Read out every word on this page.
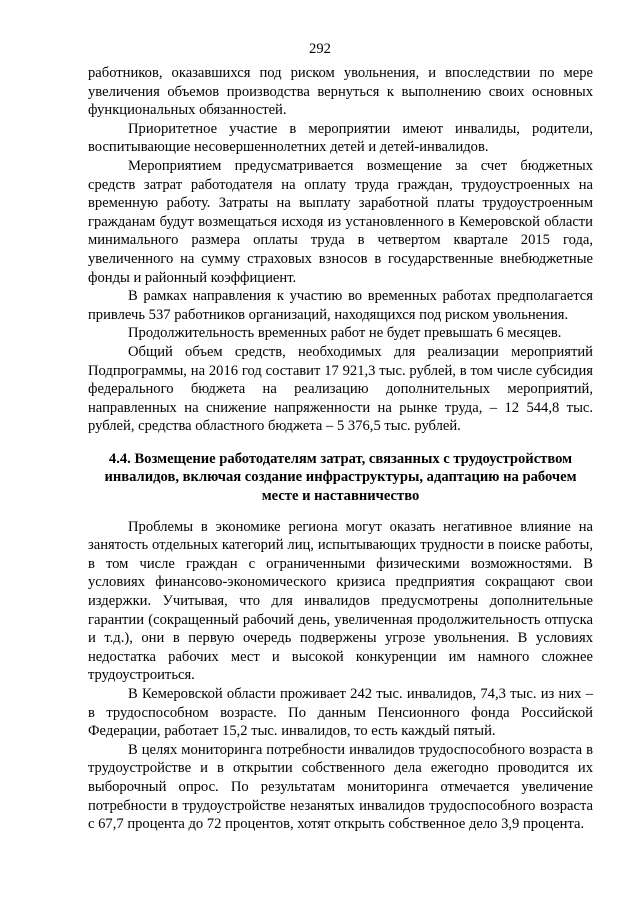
292

работников, оказавшихся под риском увольнения, и впоследствии по мере увеличения объемов производства вернуться к выполнению своих основных функциональных обязанностей.

Приоритетное участие в мероприятии имеют инвалиды, родители, воспитывающие несовершеннолетних детей и детей-инвалидов.

Мероприятием предусматривается возмещение за счет бюджетных средств затрат работодателя на оплату труда граждан, трудоустроенных на временную работу. Затраты на выплату заработной платы трудоустроенным гражданам будут возмещаться исходя из установленного в Кемеровской области минимального размера оплаты труда в четвертом квартале 2015 года, увеличенного на сумму страховых взносов в государственные внебюджетные фонды и районный коэффициент.

В рамках направления к участию во временных работах предполагается привлечь 537 работников организаций, находящихся под риском увольнения.

Продолжительность временных работ не будет превышать 6 месяцев.

Общий объем средств, необходимых для реализации мероприятий Подпрограммы, на 2016 год составит 17 921,3 тыс. рублей, в том числе субсидия федерального бюджета на реализацию дополнительных мероприятий, направленных на снижение напряженности на рынке труда, – 12 544,8 тыс. рублей, средства областного бюджета – 5 376,5 тыс. рублей.

4.4. Возмещение работодателям затрат, связанных с трудоустройством инвалидов, включая создание инфраструктуры, адаптацию на рабочем месте и наставничество

Проблемы в экономике региона могут оказать негативное влияние на занятость отдельных категорий лиц, испытывающих трудности в поиске работы, в том числе граждан с ограниченными физическими возможностями. В условиях финансово-экономического кризиса предприятия сокращают свои издержки. Учитывая, что для инвалидов предусмотрены дополнительные гарантии (сокращенный рабочий день, увеличенная продолжительность отпуска и т.д.), они в первую очередь подвержены угрозе увольнения. В условиях недостатка рабочих мест и высокой конкуренции им намного сложнее трудоустроиться.

В Кемеровской области проживает 242 тыс. инвалидов, 74,3 тыс. из них – в трудоспособном возрасте. По данным Пенсионного фонда Российской Федерации, работает 15,2 тыс. инвалидов, то есть каждый пятый.

В целях мониторинга потребности инвалидов трудоспособного возраста в трудоустройстве и в открытии собственного дела ежегодно проводится их выборочный опрос. По результатам мониторинга отмечается увеличение потребности в трудоустройстве незанятых инвалидов трудоспособного возраста с 67,7 процента до 72 процентов, хотят открыть собственное дело 3,9 процента.
